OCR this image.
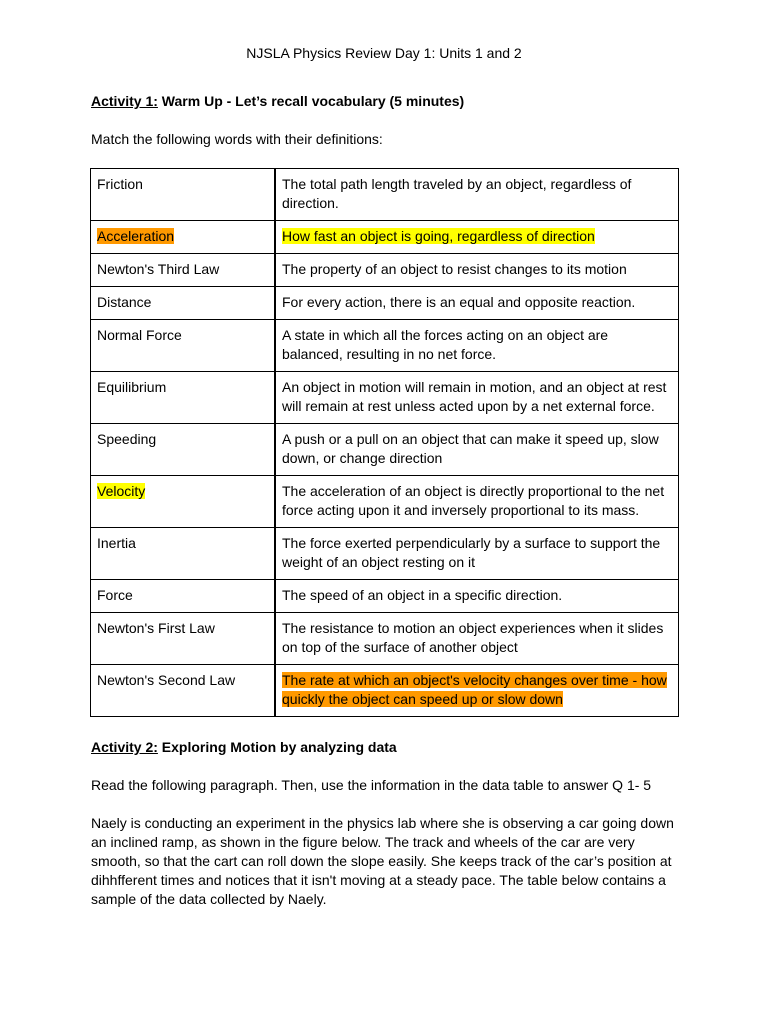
NJSLA Physics Review Day 1: Units 1 and 2
Activity 1: Warm Up - Let’s recall vocabulary (5 minutes)
Match the following words with their definitions:
Friction	The total path length traveled by an object, regardless of direction.
Acceleration	How fast an object is going, regardless of direction
Newton's Third Law	The property of an object to resist changes to its motion
Distance	For every action, there is an equal and opposite reaction.
Normal Force	A state in which all the forces acting on an object are balanced, resulting in no net force.
Equilibrium	An object in motion will remain in motion, and an object at rest will remain at rest unless acted upon by a net external force.
Speeding	A push or a pull on an object that can make it speed up, slow down, or change direction
Velocity	The acceleration of an object is directly proportional to the net force acting upon it and inversely proportional to its mass.
Inertia	The force exerted perpendicularly by a surface to support the weight of an object resting on it
Force	The speed of an object in a specific direction.
Newton's First Law	The resistance to motion an object experiences when it slides on top of the surface of another object
Newton's Second Law	The rate at which an object's velocity changes over time - how quickly the object can speed up or slow down
Activity 2: Exploring Motion by analyzing data
Read the following paragraph. Then, use the information in the data table to answer Q 1- 5
Naely is conducting an experiment in the physics lab where she is observing a car going down an inclined ramp, as shown in the figure below. The track and wheels of the car are very smooth, so that the cart can roll down the slope easily. She keeps track of the car’s position at dihhfferent times and notices that it isn't moving at a steady pace. The table below contains a sample of the data collected by Naely.
